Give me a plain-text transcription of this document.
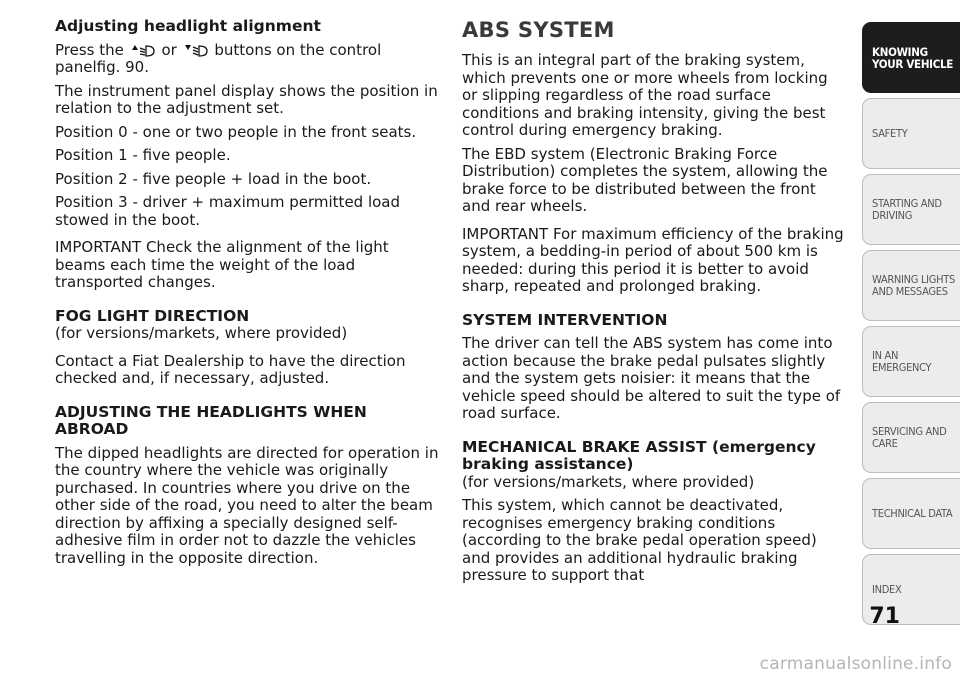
Adjusting headlight alignment

Press the	or	buttons on the control panelfig. 90.

The instrument panel display shows the position in relation to the adjustment set.

Position 0 - one or two people in the front seats.

Position 1 - five people.

Position 2 - five people + load in the boot.

Position 3 - driver + maximum permitted load stowed in the boot.

IMPORTANT Check the alignment of the light beams each time the weight of the load transported changes.

FOG LIGHT DIRECTION

(for versions/markets, where provided)

Contact a Fiat Dealership to have the direction checked and, if necessary, adjusted.

ADJUSTING THE HEADLIGHTS WHEN ABROAD

The dipped headlights are directed for operation in the country where the vehicle was originally purchased. In countries where you drive on the other side of the road, you need to alter the beam direction by affixing a specially designed self-adhesive film in order not to dazzle the vehicles travelling in the opposite direction.

ABS SYSTEM

This is an integral part of the braking system, which prevents one or more wheels from locking or slipping regardless of the road surface conditions and braking intensity, giving the best control during emergency braking.

The EBD system (Electronic Braking Force Distribution) completes the system, allowing the brake force to be distributed between the front and rear wheels.

IMPORTANT For maximum efficiency of the braking system, a bedding-in period of about 500 km is needed: during this period it is better to avoid sharp, repeated and prolonged braking.

SYSTEM INTERVENTION

The driver can tell the ABS system has come into action because the brake pedal pulsates slightly and the system gets noisier: it means that the vehicle speed should be altered to suit the type of road surface.

MECHANICAL BRAKE ASSIST (emergency braking assistance)

(for versions/markets, where provided)

This system, which cannot be deactivated, recognises emergency braking conditions (according to the brake pedal operation speed) and provides an additional hydraulic braking pressure to support that

KNOWING YOUR VEHICLE
SAFETY
STARTING AND DRIVING
WARNING LIGHTS AND MESSAGES
IN AN EMERGENCY
SERVICING AND CARE
TECHNICAL DATA
INDEX
71
carmanualsonline.info
